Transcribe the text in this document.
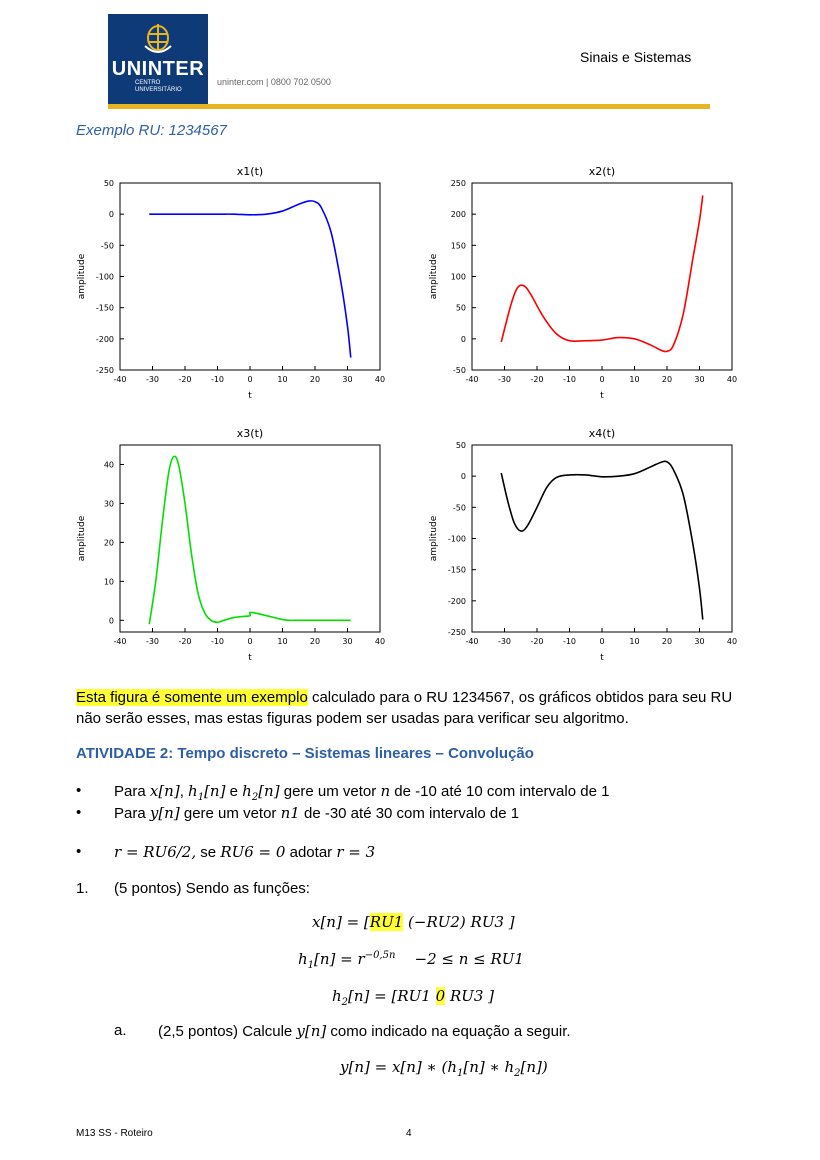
UNINTER
CENTRO
UNIVERSITÁRIO
uninter.com | 0800 702 0500
Sinais e Sistemas
Exemplo RU: 1234567
x1(t)
-40 -30 -20 -10	0	10	20	30	40
-250
-200
-150
-100
-50
0
50
t
amplitude
x2(t)
-40 -30 -20 -10	0	10	20	30	40
-50
0
50
100
150
200
250
t
amplitude
x3(t)
-40 -30 -20 -10	0	10	20	30	40
0
10
20
30
40
t
amplitude
x4(t)
-40 -30 -20 -10	0	10	20	30	40
-250
-200
-150
-100
-50
0
50
t
amplitude
Esta figura é somente um exemplo calculado para o RU 1234567, os gráficos obtidos para seu RU não serão esses, mas estas figuras podem ser usadas para verificar seu algoritmo.
ATIVIDADE 2: Tempo discreto – Sistemas lineares – Convolução
• Para x[n], $h_1[n]$ e $h_2[n]$ gere um vetor n de -10 até 10 com intervalo de 1
• Para y[n] gere um vetor n1 de -30 até 30 com intervalo de 1
• r = RU6/2, se RU6 = 0 adotar r = 3
1. (5 pontos) Sendo as funções:
x[n] = [RU1 (−RU2) RU3 ]
$h_1[n] = r^{-0,5n}$    −2 ≤ n ≤ RU1
$h_2[n] = [RU1$ 0 RU3 ]
a. (2,5 pontos) Calcule y[n] como indicado na equação a seguir.
y[n] = x[n] ∗ ($h_1[n]$ ∗ $h_2[n]$)
M13 SS - Roteiro	4
